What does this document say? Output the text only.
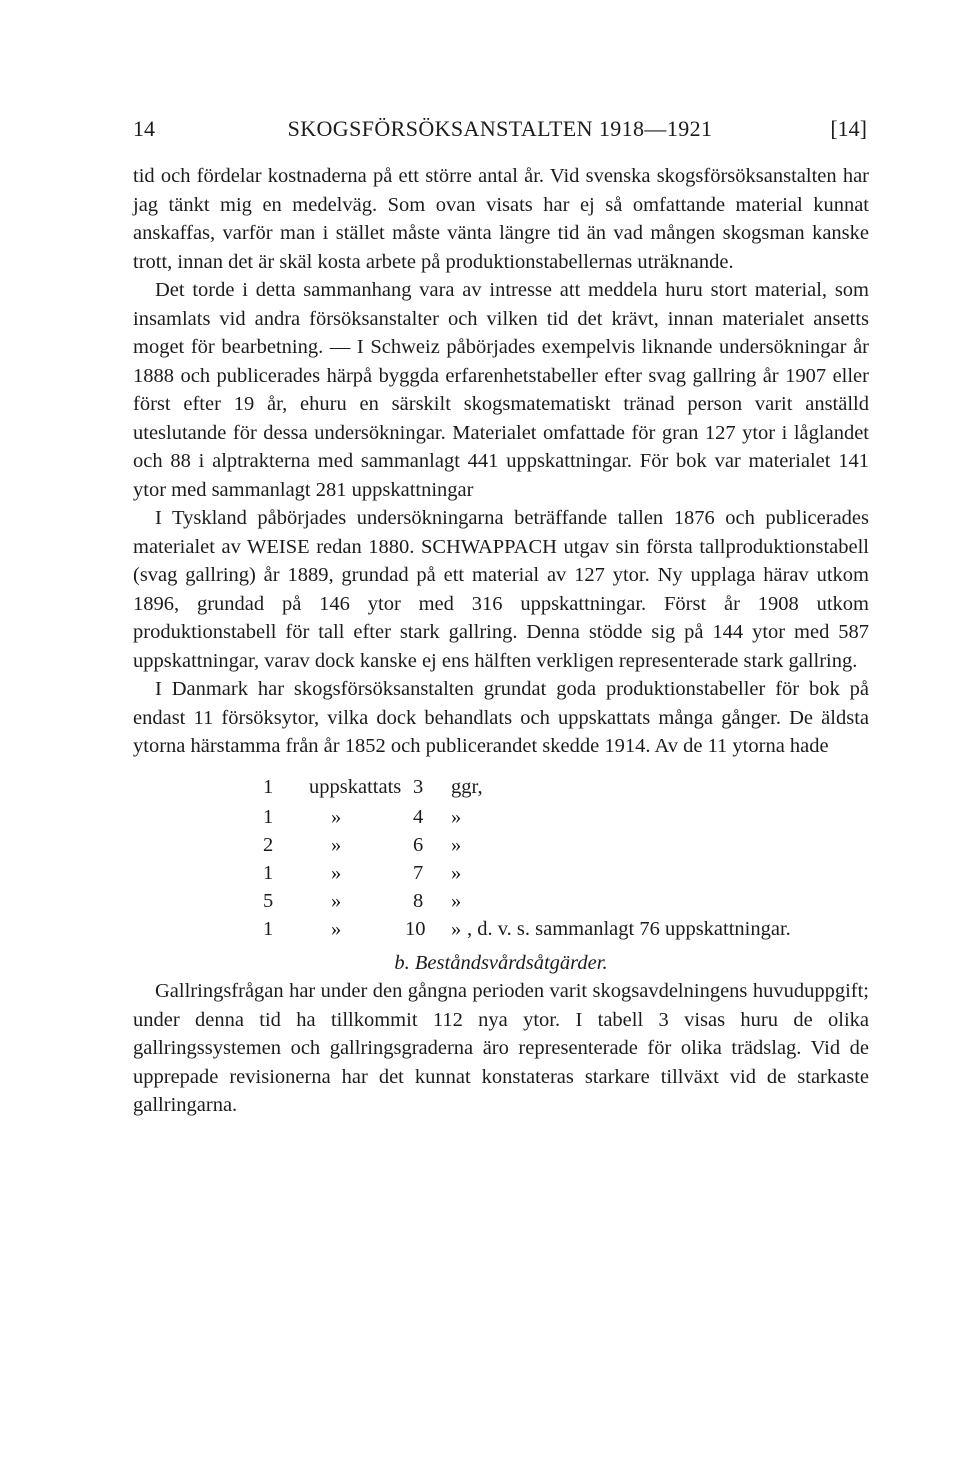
14	SKOGSFÖRSÖKSANSTALTEN 1918—1921	[14]

tid och fördelar kostnaderna på ett större antal år. Vid svenska skogsförsöksanstalten har jag tänkt mig en medelväg. Som ovan visats har ej så omfattande material kunnat anskaffas, varför man i stället måste vänta längre tid än vad mången skogsman kanske trott, innan det är skäl kosta arbete på produktionstabellernas uträknande.

Det torde i detta sammanhang vara av intresse att meddela huru stort material, som insamlats vid andra försöksanstalter och vilken tid det krävt, innan materialet ansetts moget för bearbetning. — I Schweiz påbörjades exempelvis liknande undersökningar år 1888 och publicerades härpå byggda erfarenhetstabeller efter svag gallring år 1907 eller först efter 19 år, ehuru en särskilt skogsmatematiskt tränad person varit anställd uteslutande för dessa undersökningar. Materialet omfattade för gran 127 ytor i låglandet och 88 i alptrakterna med sammanlagt 441 uppskattningar. För bok var materialet 141 ytor med sammanlagt 281 uppskattningar

I Tyskland påbörjades undersökningarna beträffande tallen 1876 och publicerades materialet av WEISE redan 1880. SCHWAPPACH utgav sin första tallproduktionstabell (svag gallring) år 1889, grundad på ett material av 127 ytor. Ny upplaga härav utkom 1896, grundad på 146 ytor med 316 uppskattningar. Först år 1908 utkom produktionstabell för tall efter stark gallring. Denna stödde sig på 144 ytor med 587 uppskattningar, varav dock kanske ej ens hälften verkligen representerade stark gallring.

I Danmark har skogsförsöksanstalten grundat goda produktionstabeller för bok på endast 11 försöksytor, vilka dock behandlats och uppskattats många gånger. De äldsta ytorna härstamma från år 1852 och publicerandet skedde 1914. Av de 11 ytorna hade

1 uppskattats 3 ggr,
1	»	4 »
2	»	6 »
1	»	7 »
5	»	8 »
1	»	10 » , d. v. s. sammanlagt 76 uppskattningar.

b. Beståndsvårdsåtgärder.

Gallringsfrågan har under den gångna perioden varit skogsavdelningens huvuduppgift; under denna tid ha tillkommit 112 nya ytor. I tabell 3 visas huru de olika gallringssystemen och gallringsgraderna äro representerade för olika trädslag. Vid de upprepade revisionerna har det kunnat konstateras starkare tillväxt vid de starkaste gallringarna.
